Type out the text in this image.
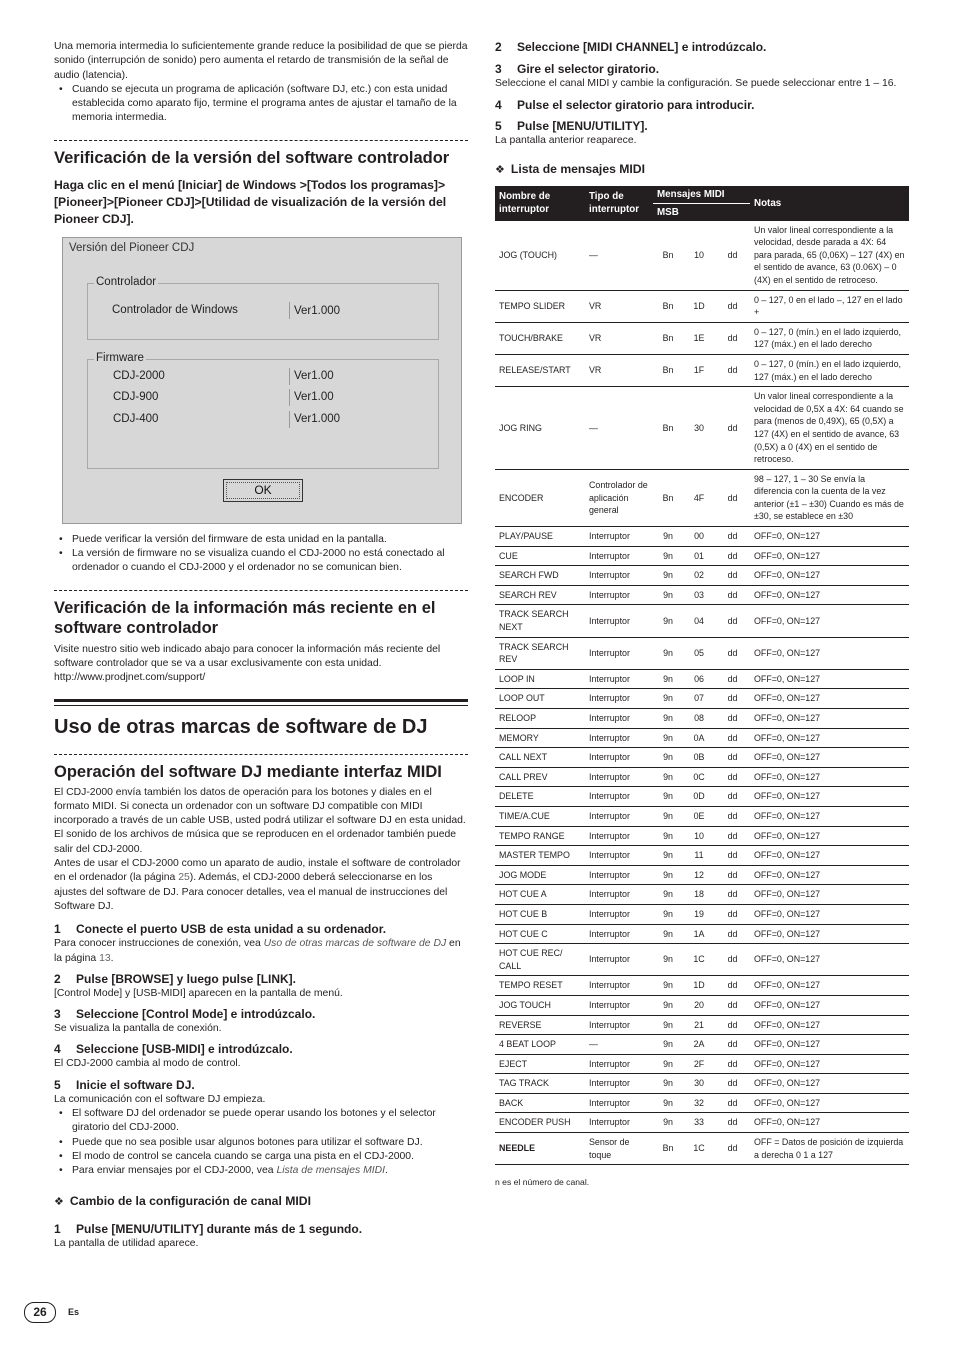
Una memoria intermedia lo suficientemente grande reduce la posibilidad de que se pierda sonido (interrupción de sonido) pero aumenta el retardo de transmisión de la señal de audio (latencia).

• Cuando se ejecuta un programa de aplicación (software DJ, etc.) con esta unidad establecida como aparato fijo, termine el programa antes de ajustar el tamaño de la memoria intermedia.
Verificación de la versión del software controlador
Haga clic en el menú [Iniciar] de Windows >[Todos los programas]>[Pioneer]>[Pioneer CDJ]>[Utilidad de visualización de la versión del Pioneer CDJ].
Versión del Pioneer CDJ
Controlador
Controlador de Windows	Ver1.000
Firmware
CDJ-2000	Ver1.00
CDJ-900	Ver1.00
CDJ-400	Ver1.000
OK
• Puede verificar la versión del firmware de esta unidad en la pantalla.
• La versión de firmware no se visualiza cuando el CDJ-2000 no está conectado al ordenador o cuando el CDJ-2000 y el ordenador no se comunican bien.
Verificación de la información más reciente en el software controlador

Visite nuestro sitio web indicado abajo para conocer la información más reciente del software controlador que se va a usar exclusivamente con esta unidad.

http://www.prodjnet.com/support/

Uso de otras marcas de software de DJ
Operación del software DJ mediante interfaz MIDI

El CDJ-2000 envía también los datos de operación para los botones y diales en el formato MIDI. Si conecta un ordenador con un software DJ compatible con MIDI incorporado a través de un cable USB, usted podrá utilizar el software DJ en esta unidad. El sonido de los archivos de música que se reproducen en el ordenador también puede salir del CDJ-2000.

Antes de usar el CDJ-2000 como un aparato de audio, instale el software de controlador en el ordenador (la página 25). Además, el CDJ-2000 deberá seleccionarse en los ajustes del software de DJ. Para conocer detalles, vea el manual de instrucciones del Software DJ.

1 Conecte el puerto USB de esta unidad a su ordenador.

Para conocer instrucciones de conexión, vea Uso de otras marcas de software de DJ en la página 13.

2 Pulse [BROWSE] y luego pulse [LINK].

[Control Mode] y [USB-MIDI] aparecen en la pantalla de menú.

3 Seleccione [Control Mode] e introdúzcalo.

Se visualiza la pantalla de conexión.

4 Seleccione [USB-MIDI] e introdúzcalo.

El CDJ-2000 cambia al modo de control.

5 Inicie el software DJ.

La comunicación con el software DJ empieza.

• El software DJ del ordenador se puede operar usando los botones y el selector giratorio del CDJ-2000.
• Puede que no sea posible usar algunos botones para utilizar el software DJ.
• El modo de control se cancela cuando se carga una pista en el CDJ-2000.
• Para enviar mensajes por el CDJ-2000, vea Lista de mensajes MIDI.
❖ Cambio de la configuración de canal MIDI
1 Pulse [MENU/UTILITY] durante más de 1 segundo.

La pantalla de utilidad aparece.

2 Seleccione [MIDI CHANNEL] e introdúzcalo.
3 Gire el selector giratorio.

Seleccione el canal MIDI y cambie la configuración. Se puede seleccionar entre 1 – 16.

4 Pulse el selector giratorio para introducir.
5 Pulse [MENU/UTILITY].

La pantalla anterior reaparece.

❖ Lista de mensajes MIDI
Nombre de interruptor	Tipo de interruptor	Mensajes MIDI			Notas
		MSB			
JOG (TOUCH)	—	Bn	10	dd	Un valor lineal correspondiente a la velocidad, desde parada a 4X: 64 para parada, 65 (0,06X) – 127 (4X) en el sentido de avance, 63 (0.06X) – 0 (4X) en el sentido de retroceso.
TEMPO SLIDER	VR	Bn	1D	dd	0 – 127, 0 en el lado –, 127 en el lado +
TOUCH/BRAKE	VR	Bn	1E	dd	0 – 127, 0 (mín.) en el lado izquierdo, 127 (máx.) en el lado derecho
RELEASE/START	VR	Bn	1F	dd	0 – 127, 0 (mín.) en el lado izquierdo, 127 (máx.) en el lado derecho
JOG RING	—	Bn	30	dd	Un valor lineal correspondiente a la velocidad de 0,5X a 4X: 64 cuando se para (menos de 0,49X), 65 (0,5X) a 127 (4X) en el sentido de avance, 63 (0,5X) a 0 (4X) en el sentido de retroceso.
ENCODER	Controlador de aplicación general	Bn	4F	dd	98 – 127, 1 – 30 Se envía la diferencia con la cuenta de la vez anterior (±1 – ±30) Cuando es más de ±30, se establece en ±30
PLAY/PAUSE	Interruptor	9n	00	dd	OFF=0, ON=127
CUE	Interruptor	9n	01	dd	OFF=0, ON=127
SEARCH FWD	Interruptor	9n	02	dd	OFF=0, ON=127
SEARCH REV	Interruptor	9n	03	dd	OFF=0, ON=127
TRACK SEARCH NEXT	Interruptor	9n	04	dd	OFF=0, ON=127
TRACK SEARCH REV	Interruptor	9n	05	dd	OFF=0, ON=127
LOOP IN	Interruptor	9n	06	dd	OFF=0, ON=127
LOOP OUT	Interruptor	9n	07	dd	OFF=0, ON=127
RELOOP	Interruptor	9n	08	dd	OFF=0, ON=127
MEMORY	Interruptor	9n	0A	dd	OFF=0, ON=127
CALL NEXT	Interruptor	9n	0B	dd	OFF=0, ON=127
CALL PREV	Interruptor	9n	0C	dd	OFF=0, ON=127
DELETE	Interruptor	9n	0D	dd	OFF=0, ON=127
TIME/A.CUE	Interruptor	9n	0E	dd	OFF=0, ON=127
TEMPO RANGE	Interruptor	9n	10	dd	OFF=0, ON=127
MASTER TEMPO	Interruptor	9n	11	dd	OFF=0, ON=127
JOG MODE	Interruptor	9n	12	dd	OFF=0, ON=127
HOT CUE A	Interruptor	9n	18	dd	OFF=0, ON=127
HOT CUE B	Interruptor	9n	19	dd	OFF=0, ON=127
HOT CUE C	Interruptor	9n	1A	dd	OFF=0, ON=127
HOT CUE REC/ CALL	Interruptor	9n	1C	dd	OFF=0, ON=127
TEMPO RESET	Interruptor	9n	1D	dd	OFF=0, ON=127
JOG TOUCH	Interruptor	9n	20	dd	OFF=0, ON=127
REVERSE	Interruptor	9n	21	dd	OFF=0, ON=127
4 BEAT LOOP	—	9n	2A	dd	OFF=0, ON=127
EJECT	Interruptor	9n	2F	dd	OFF=0, ON=127
TAG TRACK	Interruptor	9n	30	dd	OFF=0, ON=127
BACK	Interruptor	9n	32	dd	OFF=0, ON=127
ENCODER PUSH	Interruptor	9n	33	dd	OFF=0, ON=127
NEEDLE	Sensor de toque	Bn	1C	dd	OFF = Datos de posición de izquierda a derecha 0 1 a 127

n es el número de canal.

26	Es
